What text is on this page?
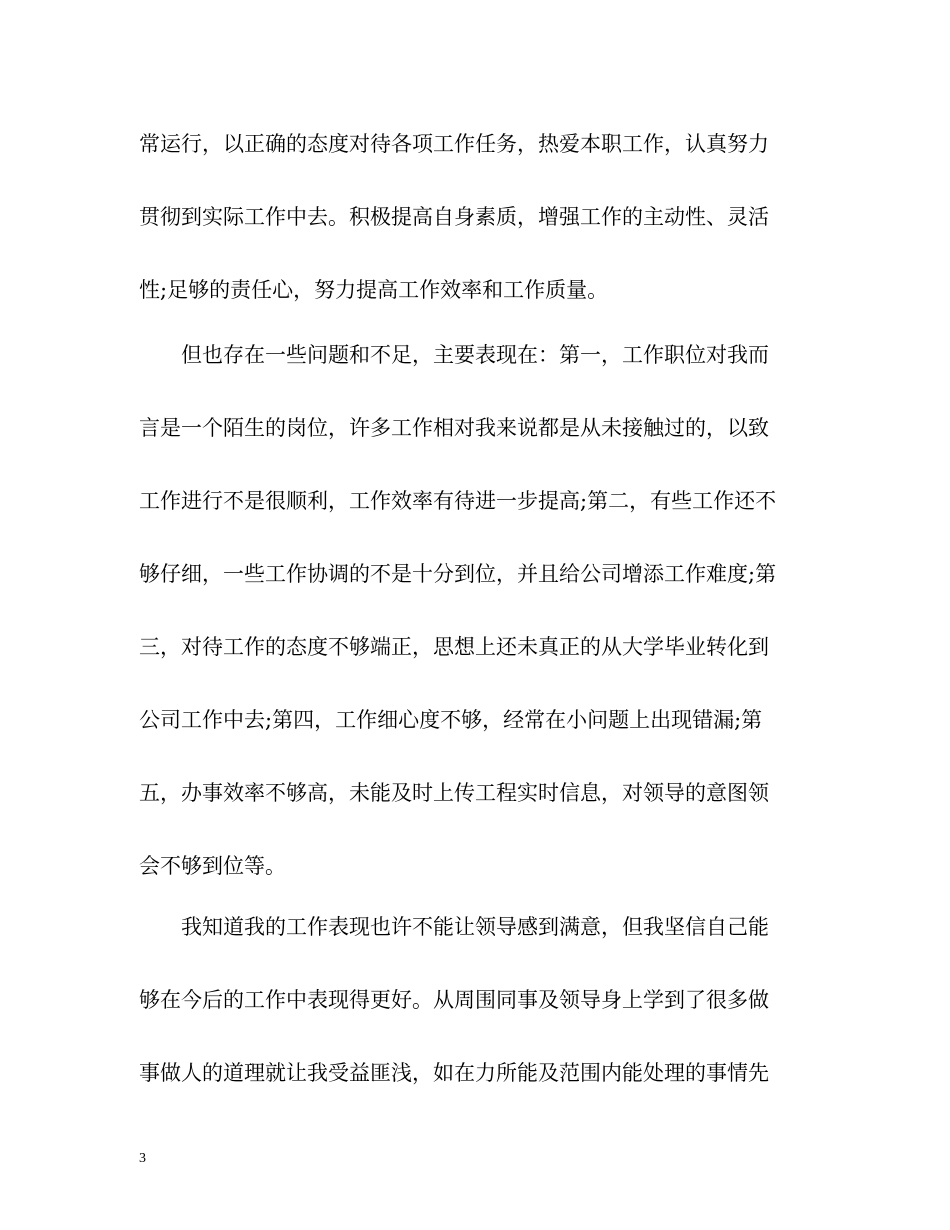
常运行，以正确的态度对待各项工作任务，热爱本职工作，认真努力
贯彻到实际工作中去。积极提高自身素质，增强工作的主动性、灵活
性;足够的责任心，努力提高工作效率和工作质量。
但也存在一些问题和不足，主要表现在：第一，工作职位对我而
言是一个陌生的岗位，许多工作相对我来说都是从未接触过的，以致
工作进行不是很顺利，工作效率有待进一步提高;第二，有些工作还不
够仔细，一些工作协调的不是十分到位，并且给公司增添工作难度;第
三，对待工作的态度不够端正，思想上还未真正的从大学毕业转化到
公司工作中去;第四，工作细心度不够，经常在小问题上出现错漏;第
五，办事效率不够高，未能及时上传工程实时信息，对领导的意图领
会不够到位等。
我知道我的工作表现也许不能让领导感到满意，但我坚信自己能
够在今后的工作中表现得更好。从周围同事及领导身上学到了很多做
事做人的道理就让我受益匪浅，如在力所能及范围内能处理的事情先
3
